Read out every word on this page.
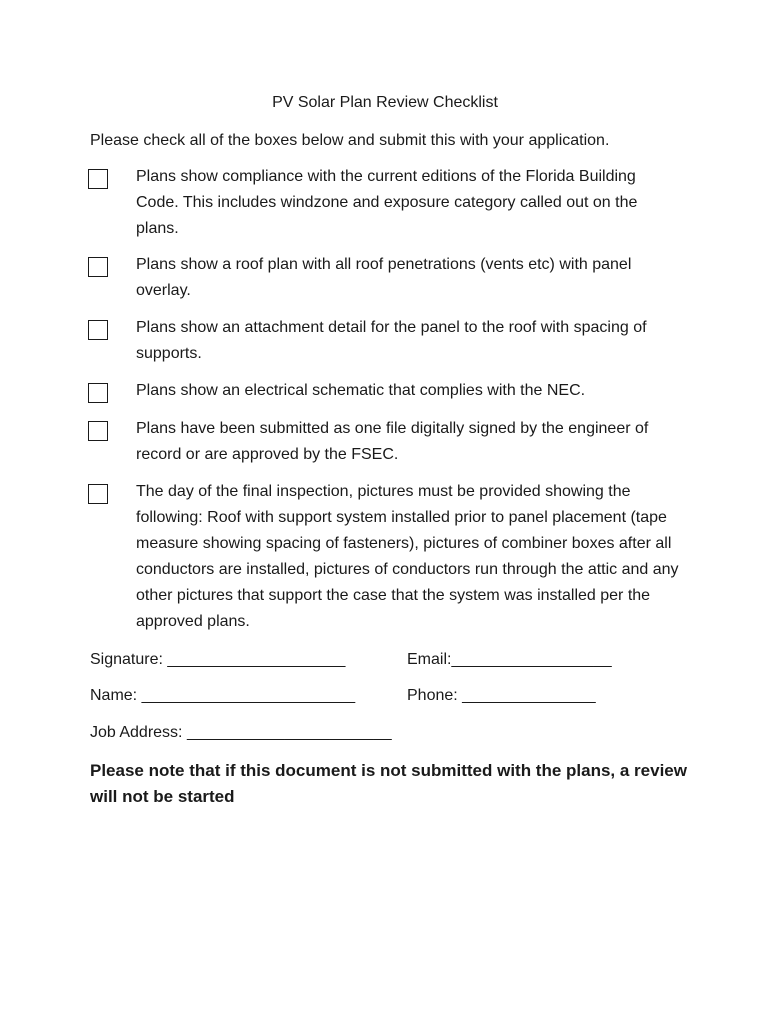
PV Solar Plan Review Checklist
Please check all of the boxes below and submit this with your application.
Plans show compliance with the current editions of the Florida Building Code. This includes windzone and exposure category called out on the plans.
Plans show a roof plan with all roof penetrations (vents etc) with panel overlay.
Plans show an attachment detail for the panel to the roof with spacing of supports.
Plans show an electrical schematic that complies with the NEC.
Plans have been submitted as one file digitally signed by the engineer of record or are approved by the FSEC.
The day of the final inspection, pictures must be provided showing the following: Roof with support system installed prior to panel placement (tape measure showing spacing of fasteners), pictures of combiner boxes after all conductors are installed, pictures of conductors run through the attic and any other pictures that support the case that the system was installed per the approved plans.
Signature: ____________________	Email:__________________
Name: ________________________	Phone: _______________
Job Address: _______________________
Please note that if this document is not submitted with the plans, a review will not be started
